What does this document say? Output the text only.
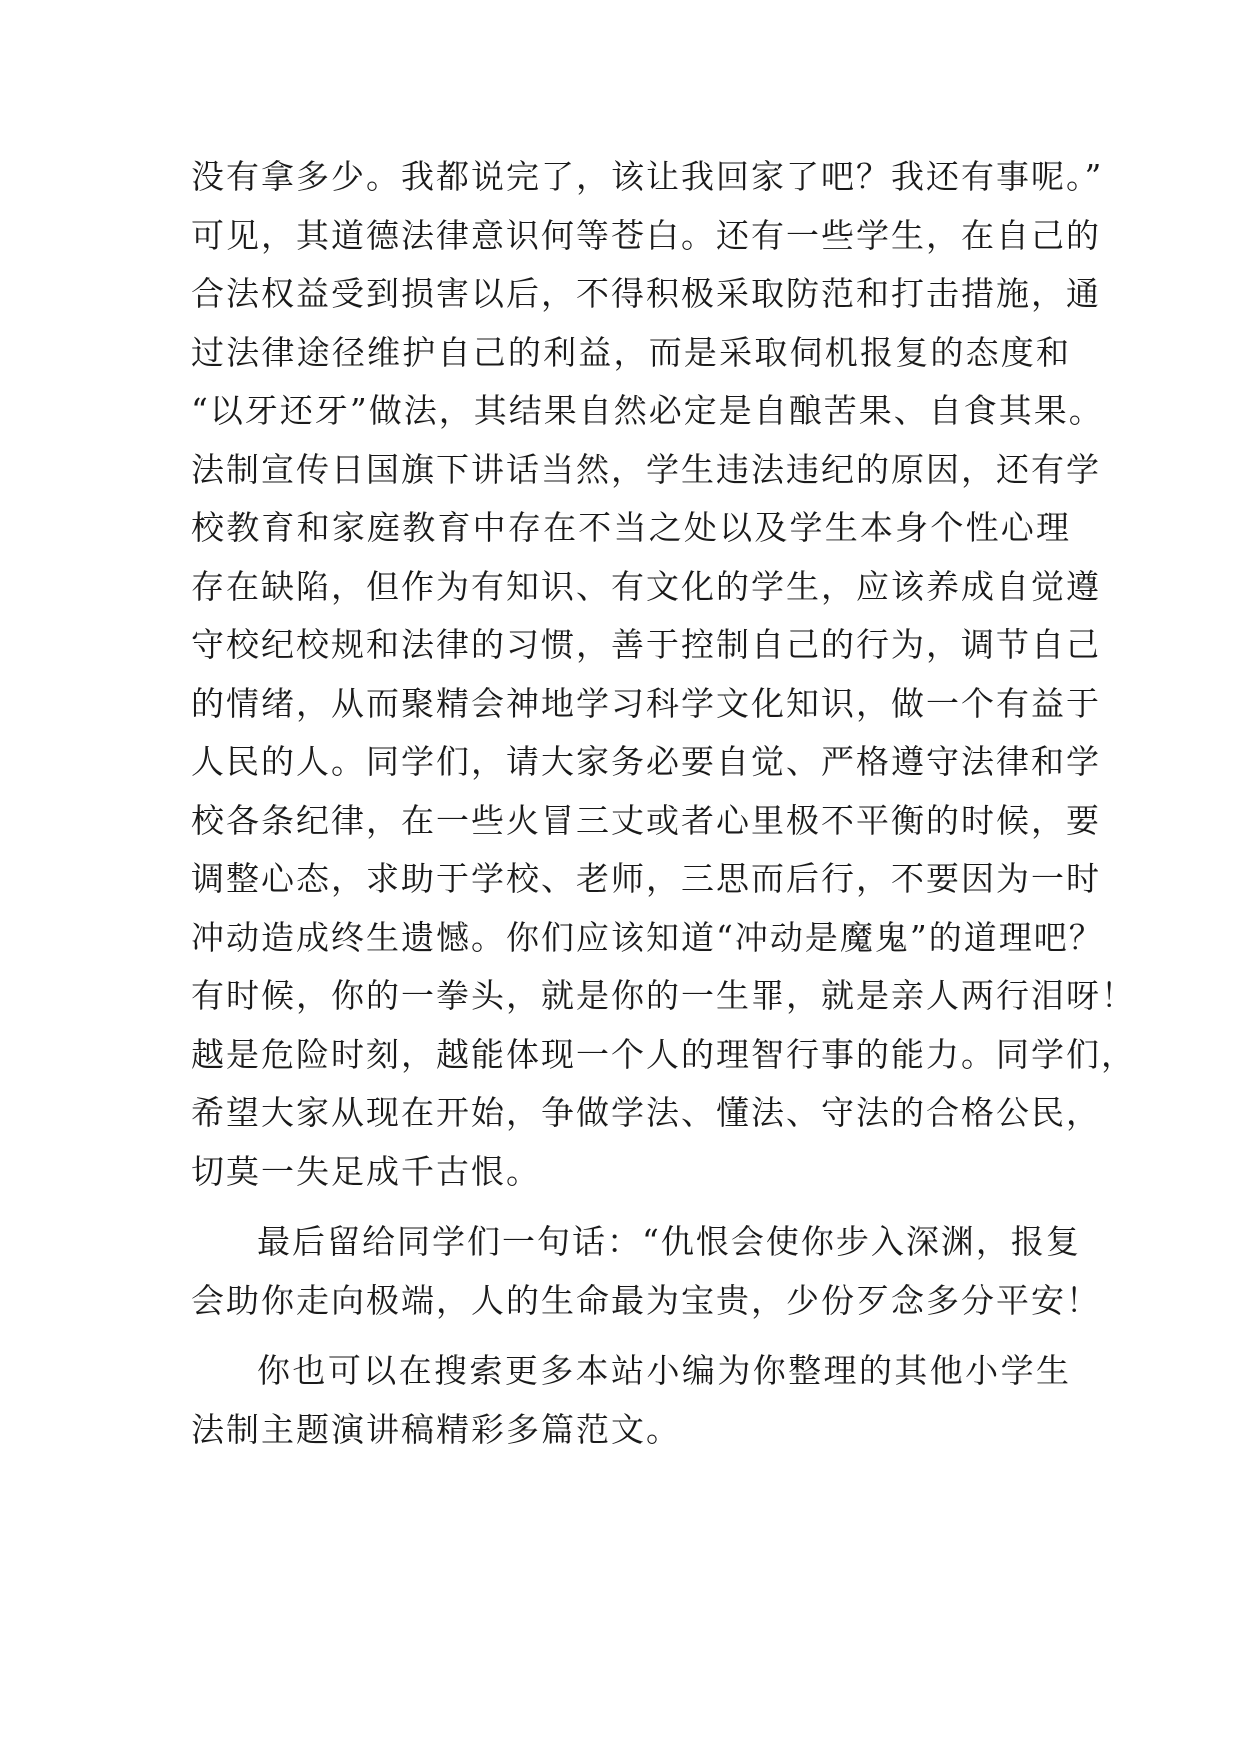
没有拿多少。我都说完了，该让我回家了吧？我还有事呢。”
可见，其道德法律意识何等苍白。还有一些学生，在自己的
合法权益受到损害以后，不得积极采取防范和打击措施，通
过法律途径维护自己的利益，而是采取伺机报复的态度和
“以牙还牙”做法，其结果自然必定是自酿苦果、自食其果。
法制宣传日国旗下讲话当然，学生违法违纪的原因，还有学
校教育和家庭教育中存在不当之处以及学生本身个性心理
存在缺陷，但作为有知识、有文化的学生，应该养成自觉遵
守校纪校规和法律的习惯，善于控制自己的行为，调节自己
的情绪，从而聚精会神地学习科学文化知识，做一个有益于
人民的人。同学们，请大家务必要自觉、严格遵守法律和学
校各条纪律，在一些火冒三丈或者心里极不平衡的时候，要
调整心态，求助于学校、老师，三思而后行，不要因为一时
冲动造成终生遗憾。你们应该知道“冲动是魔鬼”的道理吧？
有时候，你的一拳头，就是你的一生罪，就是亲人两行泪呀！
越是危险时刻，越能体现一个人的理智行事的能力。同学们，
希望大家从现在开始，争做学法、懂法、守法的合格公民，
切莫一失足成千古恨。
最后留给同学们一句话：“仇恨会使你步入深渊，报复
会助你走向极端，人的生命最为宝贵，少份歹念多分平安！
你也可以在搜索更多本站小编为你整理的其他小学生
法制主题演讲稿精彩多篇范文。
